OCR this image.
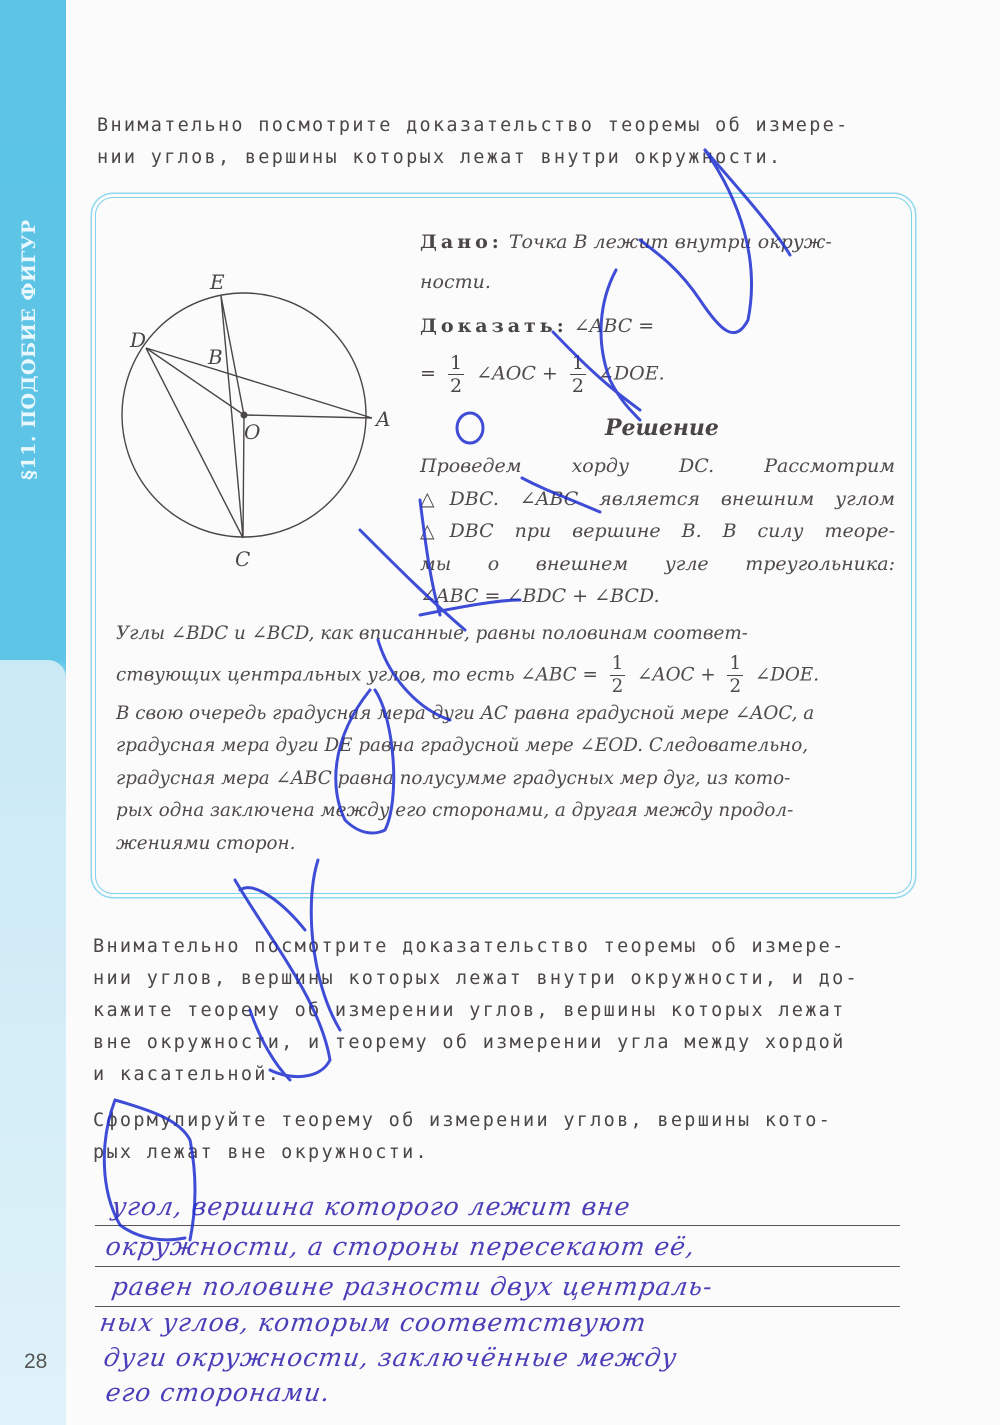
§11. ПОДОБИЕ ФИГУР
28

Внимательно посмотрите доказательство теоремы об измере-

нии углов, вершины которых лежат внутри окружности.

E
D
B
O
A
C
Дано: Точка B лежит внутри окруж-
ности.
Доказать: ∠ABC =
= $\frac{1}{2}$ ∠AOC + $\frac{1}{2}$ ∠DOE.
Решение
Проведем хорду DC. Рассмотрим
△DBC. ∠ABC является внешним углом
△DBC при вершине B. В силу теоре-
мы о внешнем угле треугольника:
∠ABC = ∠BDC + ∠BCD.
Углы ∠BDC и ∠BCD, как вписанные, равны половинам соответ-
ствующих центральных углов, то есть ∠ABC = $\frac{1}{2}$ ∠AOC + $\frac{1}{2}$ ∠DOE.
В свою очередь градусная мера дуги AC равна градусной мере ∠AOC, а
градусная мера дуги DE равна градусной мере ∠EOD. Следовательно,
градусная мера ∠ABC равна полусумме градусных мер дуг, из кото-
рых одна заключена между его сторонами, а другая между продол-
жениями сторон.

Внимательно посмотрите доказательство теоремы об измере-

нии углов, вершины которых лежат внутри окружности, и до-

кажите теорему об измерении углов, вершины которых лежат

вне окружности, и теорему об измерении угла между хордой

и касательной.

Сформулируйте теорему об измерении углов, вершины кото-

рых лежат вне окружности.

угол, вершина которого лежит вне
окружности, а стороны пересекают её,
равен половине разности двух централь-
ных углов, которым соответствуют
дуги окружности, заключённые между
его сторонами.
